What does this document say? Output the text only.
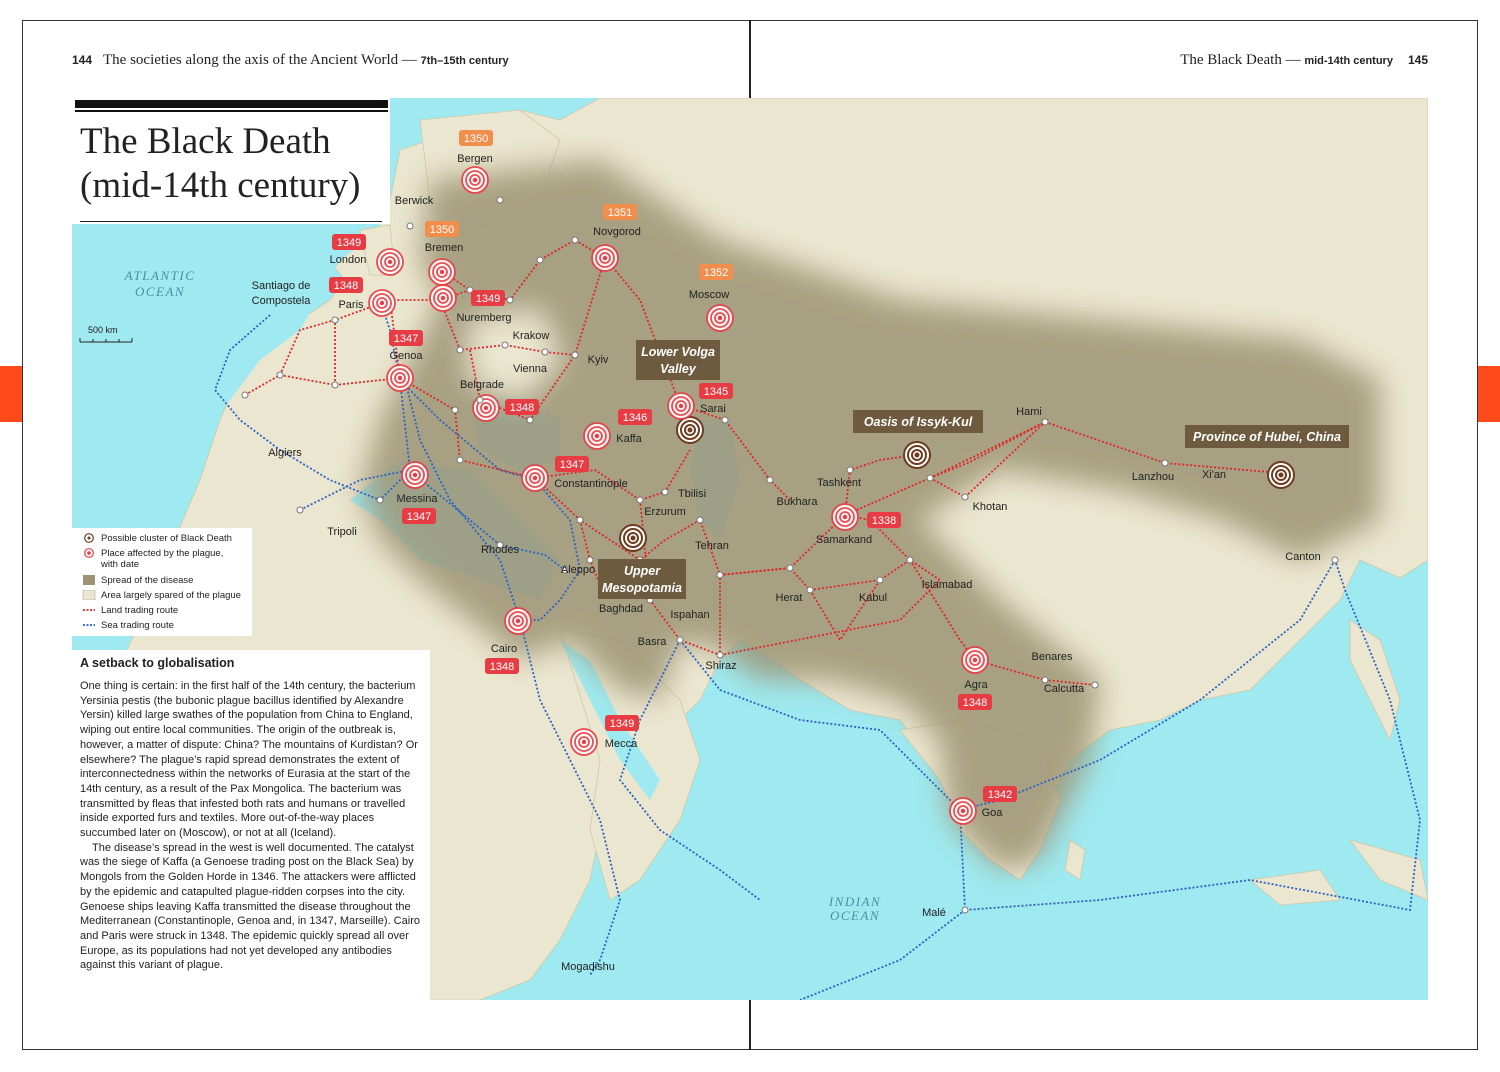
144 The societies along the axis of the Ancient World — 7th–15th century	The Black Death — mid-14th century 145
ATLANTIC
OCEAN
INDIAN
OCEAN
Bergen
Berwick
London
Bremen
Paris
Santiago de
Compostela
Nuremberg
Novgorod
Moscow
Krakow
Genoa
Vienna
Kyiv
Belgrade
Sarai
Kaffa
Algiers
Constantinople
Tbilisi
Erzurum
Messina
Tripoli
Rhodes
Aleppo
Baghdad Ispahan
Tehran
Basra
Shiraz
Cairo
Mecca
Mogadishu
Bukhara
Tashkent
Samarkand
Herat	Kabul
Islamabad
Khotan
Hami
Lanzhou	Xi'an
Canton
Benares
Agra	Calcutta
Goa
Malé
1350
1349
1350
1348
1349
1347
1351
1352
1348
1345
1346
1347
1347
1348
1349
1338
1348
1342
Lower Volga
Valley
Oasis of Issyk-Kul
Province of Hubei, China
Upper
Mesopotamia
500 km
The Black Death
(mid-14th century)
Possible cluster of Black Death
Place affected by the plague,
with date
Spread of the disease
Area largely spared of the plague
Land trading route
Sea trading route
A setback to globalisation

One thing is certain: in the first half of the 14th century, the bacterium Yersinia pestis (the bubonic plague bacillus identified by Alexandre Yersin) killed large swathes of the population from China to England, wiping out entire local communities. The origin of the outbreak is, however, a matter of dispute: China? The mountains of Kurdistan? Or elsewhere? The plague’s rapid spread demonstrates the extent of interconnectedness within the networks of Eurasia at the start of the 14th century, as a result of the Pax Mongolica. The bacterium was transmitted by fleas that infested both rats and humans or travelled inside exported furs and textiles. More out-of-the-way places succumbed later on (Moscow), or not at all (Iceland).

The disease’s spread in the west is well documented. The catalyst was the siege of Kaffa (a Genoese trading post on the Black Sea) by Mongols from the Golden Horde in 1346. The attackers were afflicted by the epidemic and catapulted plague-ridden corpses into the city. Genoese ships leaving Kaffa transmitted the disease throughout the Mediterranean (Constantinople, Genoa and, in 1347, Marseille). Cairo and Paris were struck in 1348. The epidemic quickly spread all over Europe, as its populations had not yet developed any antibodies against this variant of plague.
